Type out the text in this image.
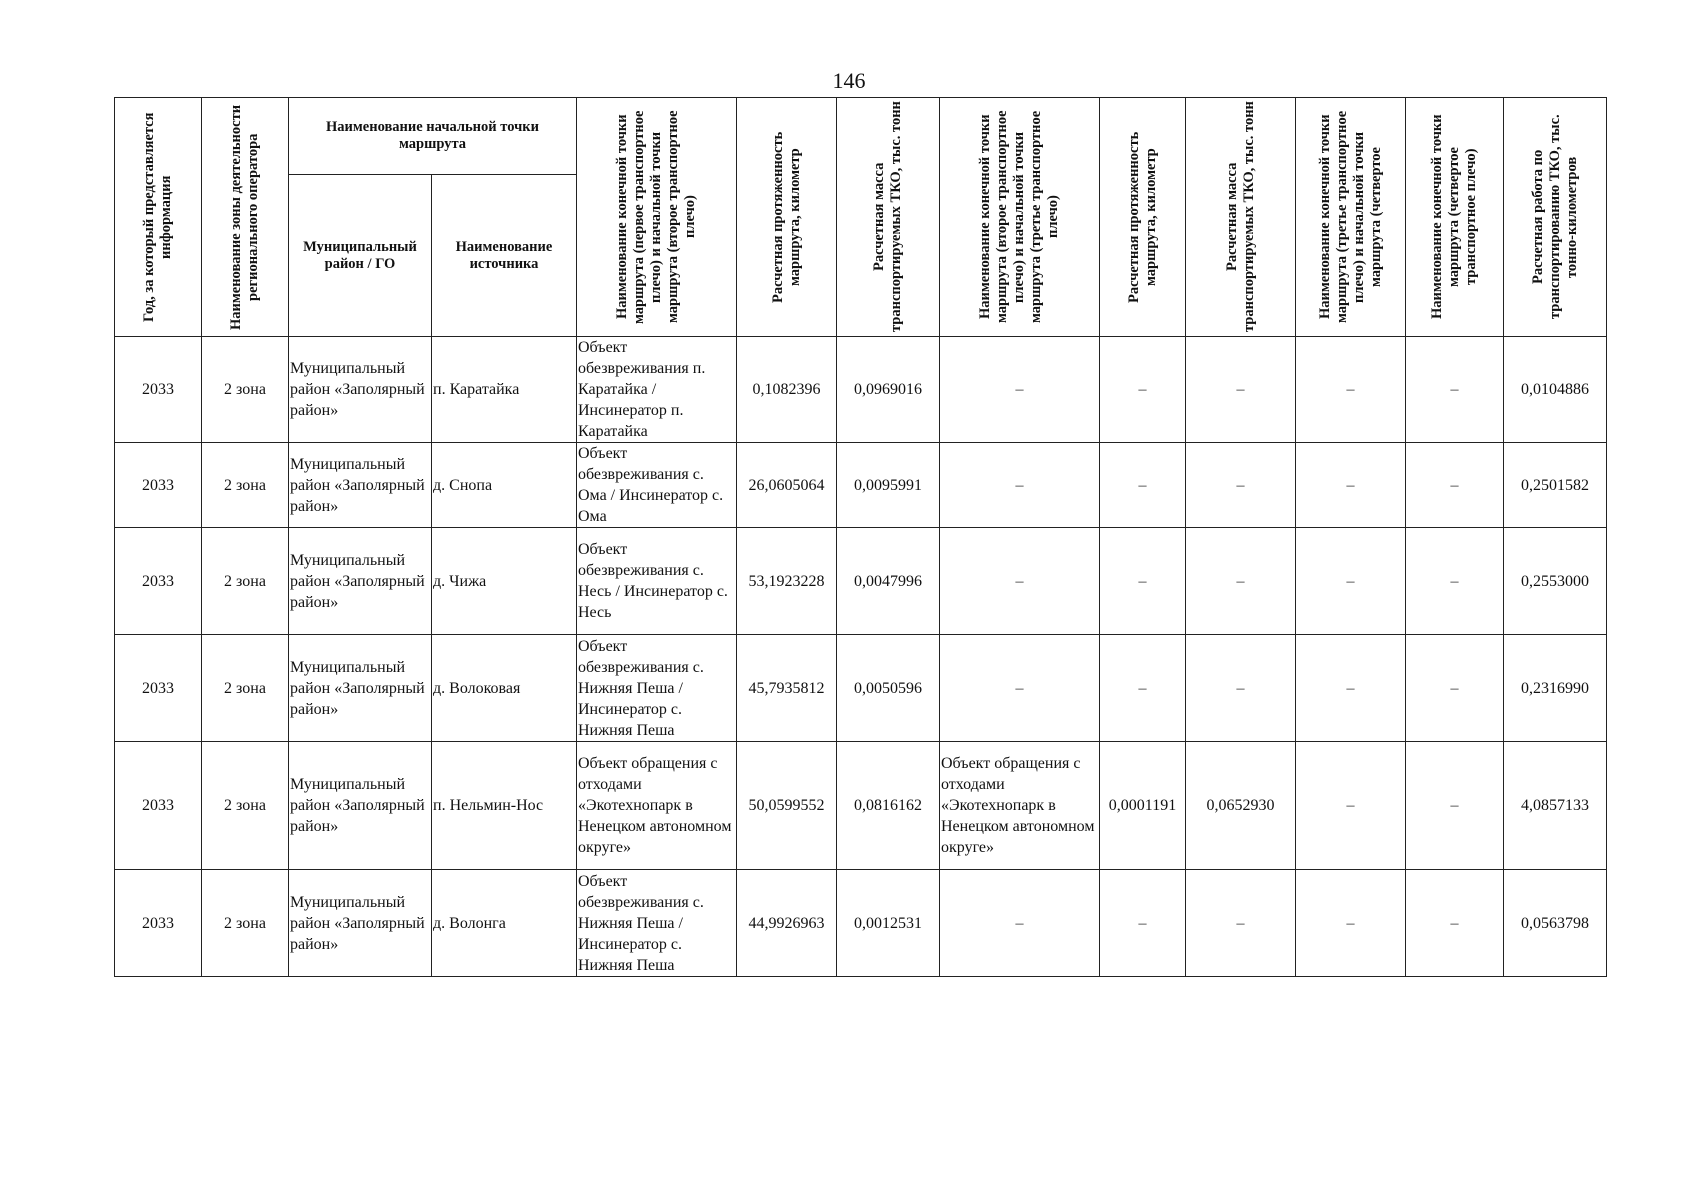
146
Год, за который представляется информация	Наименование зоны деятельности регионального оператора	Наименование начальной точки маршрута		Наименование конечной точки маршрута (первое транспортное плечо) и начальной точки маршрута (второе транспортное плечо)	Расчетная протяженность маршрута, километр	Расчетная масса транспортируемых ТКО, тыс. тонн	Наименование конечной точки маршрута (второе транспортное плечо) и начальной точки маршрута (третье транспортное плечо)	Расчетная протяженность маршрута, километр	Расчетная масса транспортируемых ТКО, тыс. тонн	Наименование конечной точки маршрута (третье транспортное плечо) и начальной точки маршрута (четвертое	Наименование конечной точки маршрута (четвертое транспортное плечо)	Расчетная работа по транспортированию ТКО, тыс. тонно-километров

		Муниципальный район / ГО	Наименование источника									
2033	2 зона	Муниципальный район «Заполярный район»	п. Каратайка	Объект обезвреживания п. Каратайка / Инсинератор п. Каратайка	0,1082396	0,0969016	–	–	–	–	–	0,0104886
2033	2 зона	Муниципальный район «Заполярный район»	д. Снопа	Объект обезвреживания с. Ома / Инсинератор с. Ома	26,0605064	0,0095991	–	–	–	–	–	0,2501582
2033	2 зона	Муниципальный район «Заполярный район»	д. Чижа	Объект обезвреживания с. Несь / Инсинератор с. Несь	53,1923228	0,0047996	–	–	–	–	–	0,2553000
2033	2 зона	Муниципальный район «Заполярный район»	д. Волоковая	Объект обезвреживания с. Нижняя Пеша / Инсинератор с. Нижняя Пеша	45,7935812	0,0050596	–	–	–	–	–	0,2316990
2033	2 зона	Муниципальный район «Заполярный район»	п. Нельмин-Нос	Объект обращения с отходами «Экотехнопарк в Ненецком автономном округе»	50,0599552	0,0816162	Объект обращения с отходами «Экотехнопарк в Ненецком автономном округе»	0,0001191	0,0652930	–	–	4,0857133
2033	2 зона	Муниципальный район «Заполярный район»	д. Волонга	Объект обезвреживания с. Нижняя Пеша / Инсинератор с. Нижняя Пеша	44,9926963	0,0012531	–	–	–	–	–	0,0563798
